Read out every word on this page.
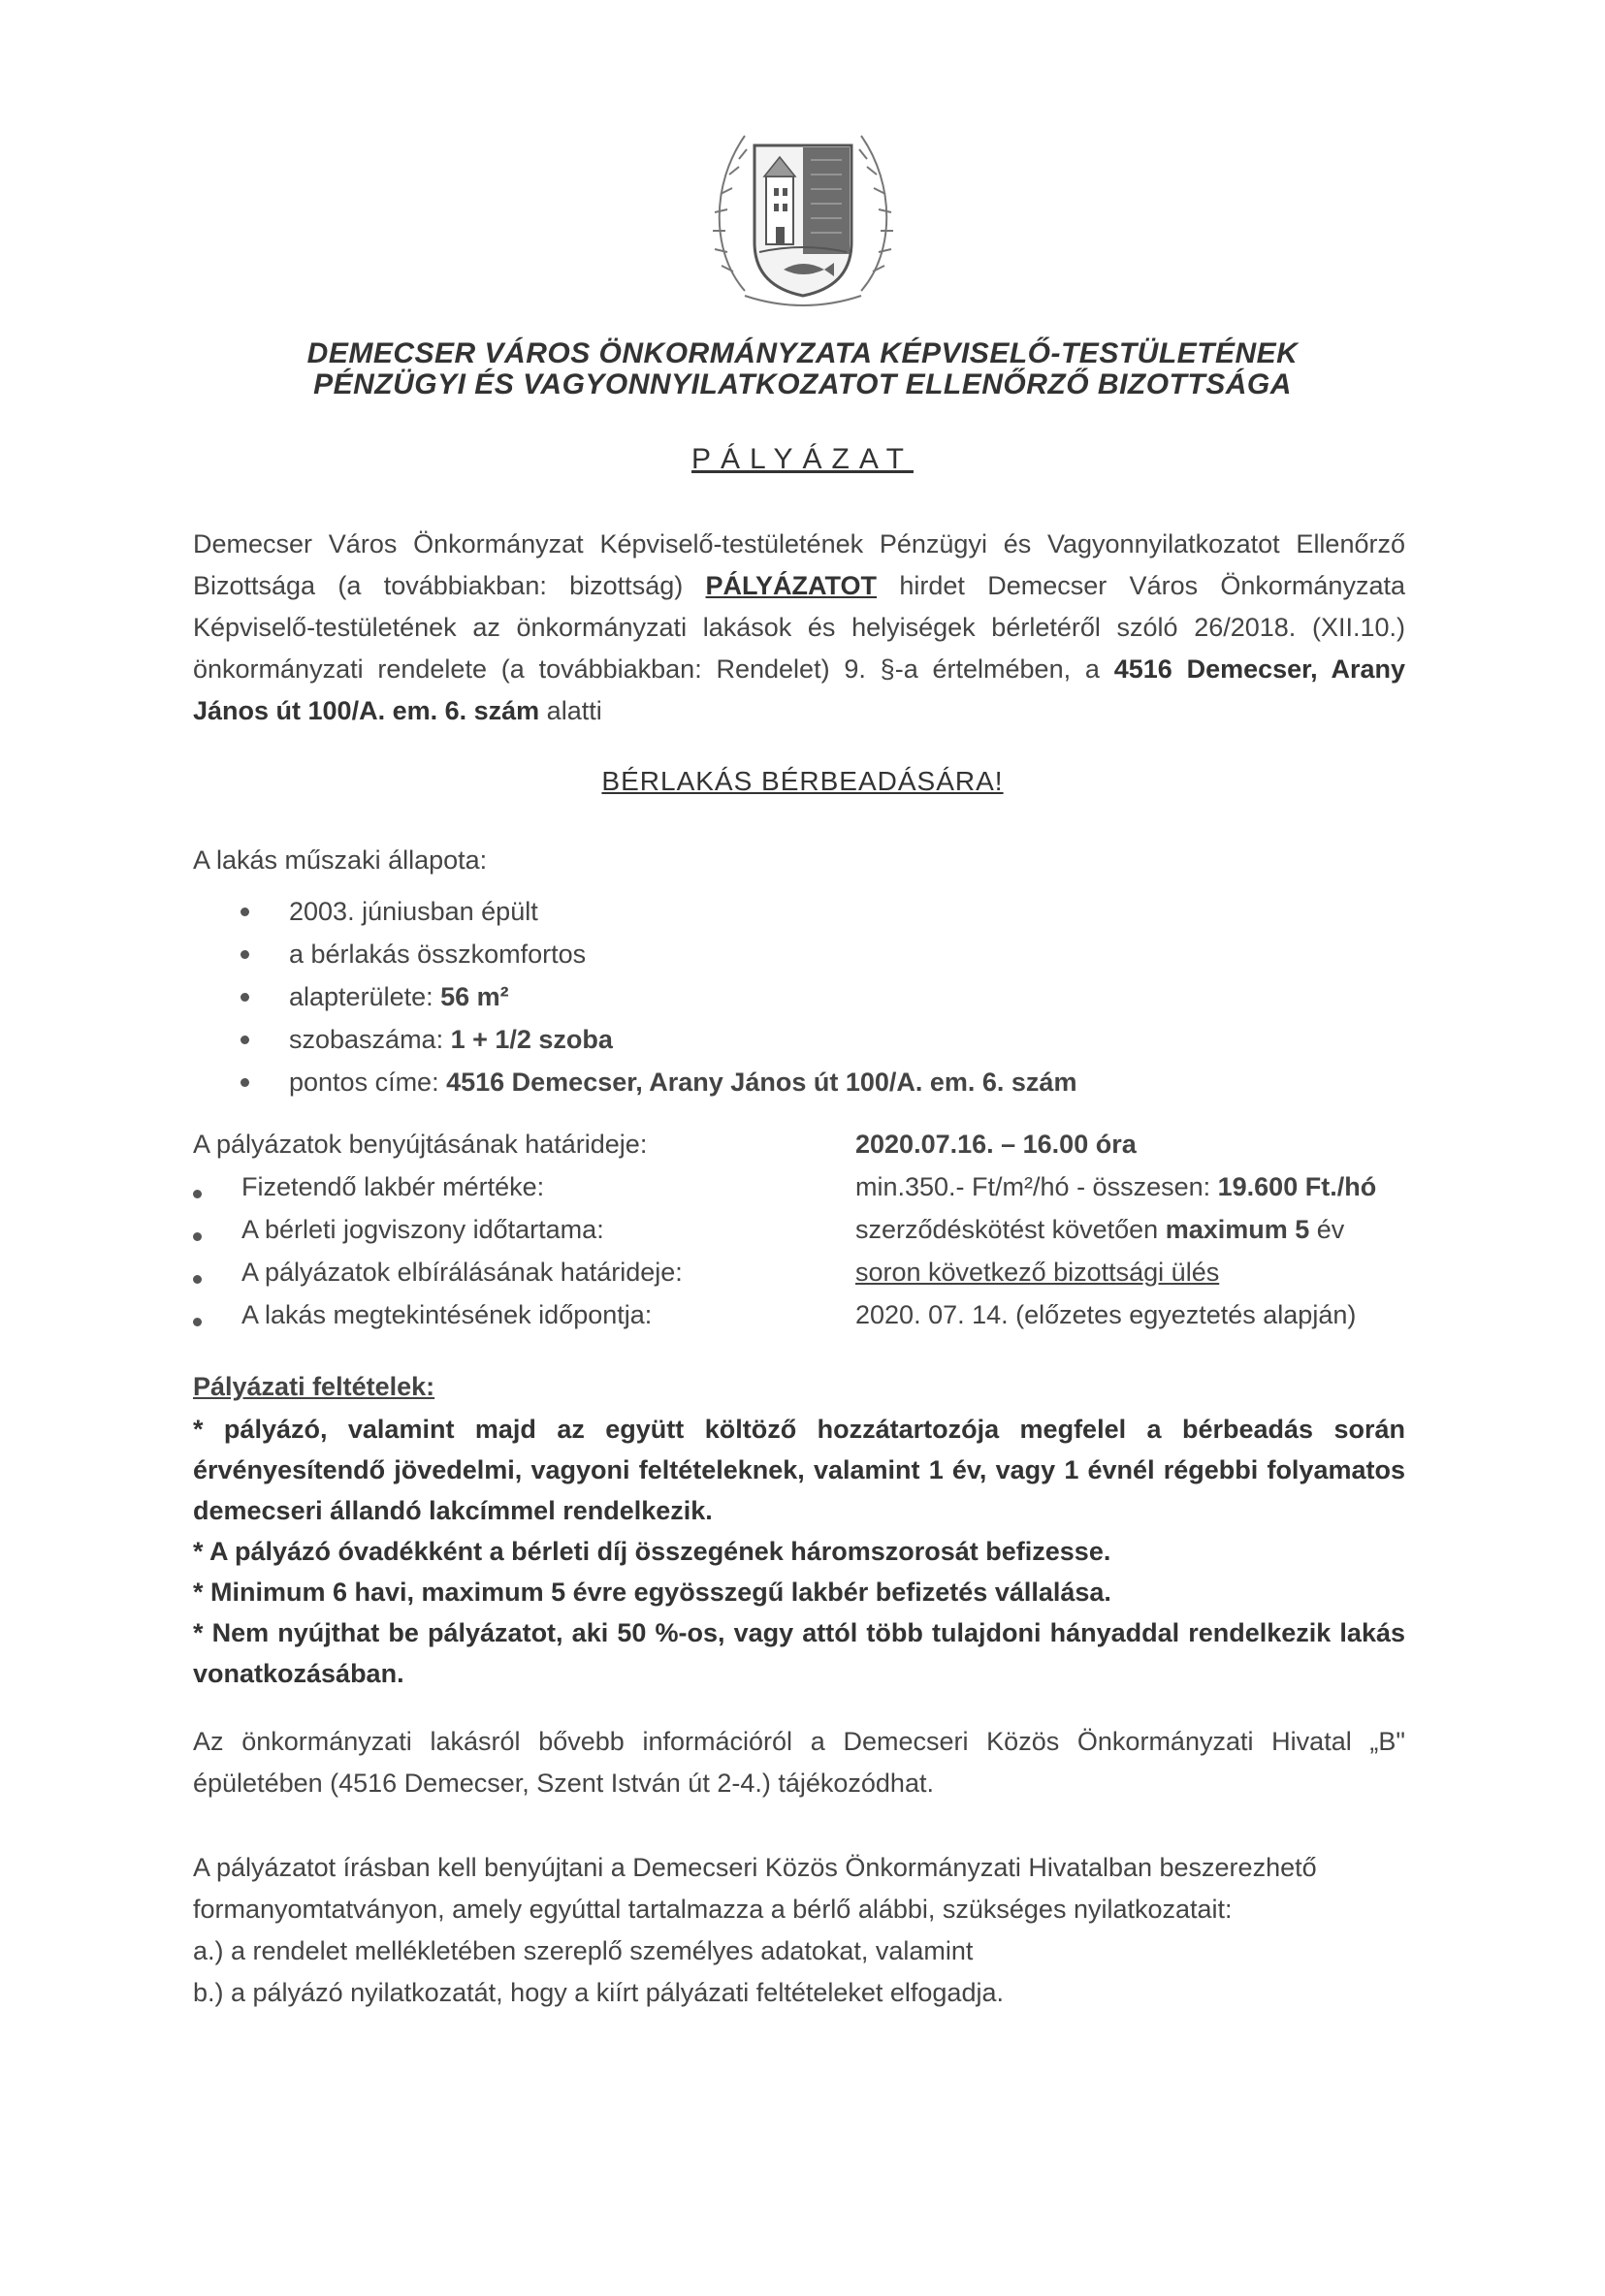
DEMECSER VÁROS ÖNKORMÁNYZATA KÉPVISELŐ-TESTÜLETÉNEK
PÉNZÜGYI ÉS VAGYONNYILATKOZATOT ELLENŐRZŐ BIZOTTSÁGA
PÁLYÁZAT
Demecser Város Önkormányzat Képviselő-testületének Pénzügyi és Vagyonnyilatkozatot Ellenőrző Bizottsága (a továbbiakban: bizottság) PÁLYÁZATOT hirdet Demecser Város Önkormányzata Képviselő-testületének az önkormányzati lakások és helyiségek bérletéről szóló 26/2018. (XII.10.) önkormányzati rendelete (a továbbiakban: Rendelet) 9. §-a értelmében, a 4516 Demecser, Arany János út 100/A. em. 6. szám alatti
BÉRLAKÁS BÉRBEADÁSÁRA!
A lakás műszaki állapota:
2003. júniusban épült
a bérlakás összkomfortos
alapterülete: 56 m²
szobaszáma: 1 + 1/2 szoba
pontos címe: 4516 Demecser, Arany János út 100/A. em. 6. szám
A pályázatok benyújtásának határideje:	2020.07.16. – 16.00 óra
Fizetendő lakbér mértéke:	min.350.- Ft/m²/hó - összesen: 19.600 Ft./hó
A bérleti jogviszony időtartama:	szerződéskötést követően maximum 5 év
A pályázatok elbírálásának határideje:	soron következő bizottsági ülés
A lakás megtekintésének időpontja:	2020. 07. 14. (előzetes egyeztetés alapján)
Pályázati feltételek:

* pályázó, valamint majd az együtt költöző hozzátartozója megfelel a bérbeadás során érvényesítendő jövedelmi, vagyoni feltételeknek, valamint 1 év, vagy 1 évnél régebbi folyamatos demecseri állandó lakcímmel rendelkezik.

* A pályázó óvadékként a bérleti díj összegének háromszorosát befizesse.

* Minimum 6 havi, maximum 5 évre egyösszegű lakbér befizetés vállalása.

* Nem nyújthat be pályázatot, aki 50 %-os, vagy attól több tulajdoni hányaddal rendelkezik lakás vonatkozásában.

Az önkormányzati lakásról bővebb információról a Demecseri Közös Önkormányzati Hivatal „B" épületében (4516 Demecser, Szent István út 2-4.) tájékozódhat.

A pályázatot írásban kell benyújtani a Demecseri Közös Önkormányzati Hivatalban beszerezhető formanyomtatványon, amely egyúttal tartalmazza a bérlő alábbi, szükséges nyilatkozatait:

a.) a rendelet mellékletében szereplő személyes adatokat, valamint

b.) a pályázó nyilatkozatát, hogy a kiírt pályázati feltételeket elfogadja.
